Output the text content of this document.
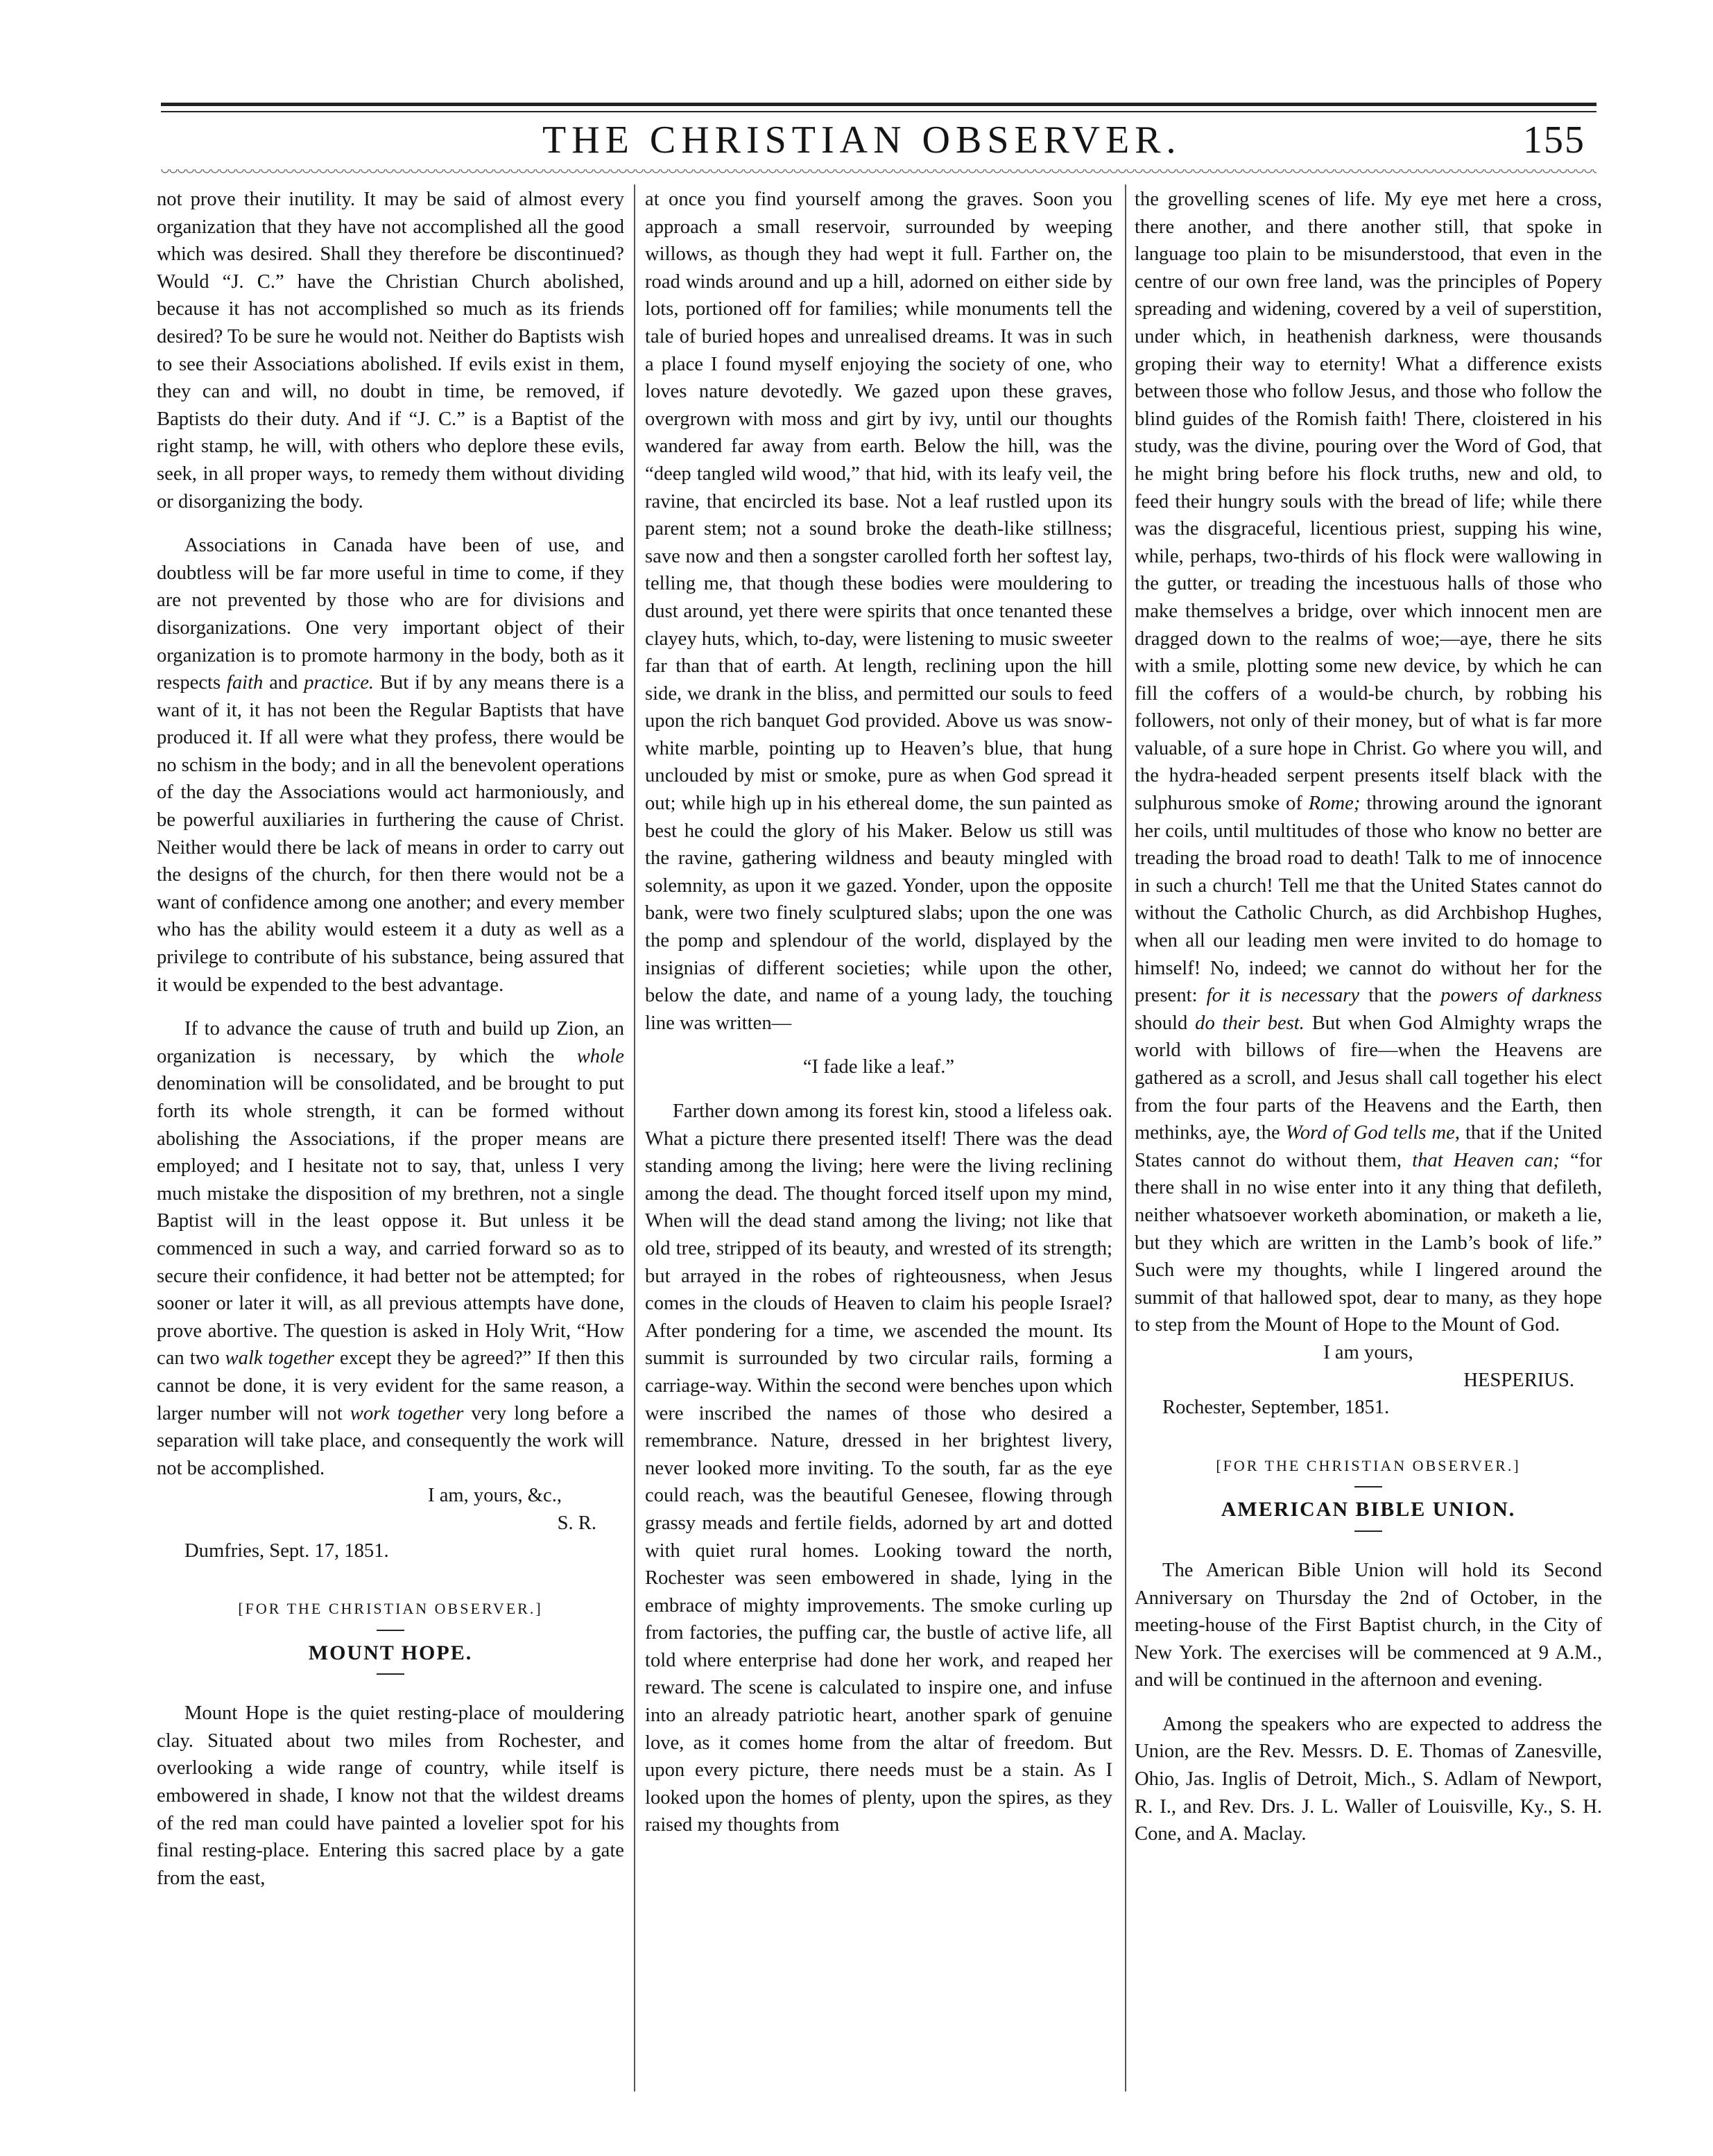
THE CHRISTIAN OBSERVER.	155

not prove their inutility. It may be said of almost every organization that they have not accomplished all the good which was desired. Shall they therefore be discontinued? Would “J. C.” have the Christian Church abolished, because it has not accomplished so much as its friends desired? To be sure he would not. Neither do Baptists wish to see their Associations abolished. If evils exist in them, they can and will, no doubt in time, be removed, if Baptists do their duty. And if “J. C.” is a Baptist of the right stamp, he will, with others who deplore these evils, seek, in all proper ways, to remedy them without dividing or disorganizing the body.

Associations in Canada have been of use, and doubtless will be far more useful in time to come, if they are not prevented by those who are for divisions and disorganizations. One very important object of their organization is to promote harmony in the body, both as it respects faith and practice. But if by any means there is a want of it, it has not been the Regular Baptists that have produced it. If all were what they profess, there would be no schism in the body; and in all the benevolent operations of the day the Associations would act harmoniously, and be powerful auxiliaries in furthering the cause of Christ. Neither would there be lack of means in order to carry out the designs of the church, for then there would not be a want of confidence among one another; and every member who has the ability would esteem it a duty as well as a privilege to contribute of his substance, being assured that it would be expended to the best advantage.

If to advance the cause of truth and build up Zion, an organization is necessary, by which the whole denomination will be consolidated, and be brought to put forth its whole strength, it can be formed without abolishing the Associations, if the proper means are employed; and I hesitate not to say, that, unless I very much mistake the disposition of my brethren, not a single Baptist will in the least oppose it. But unless it be commenced in such a way, and carried forward so as to secure their confidence, it had better not be attempted; for sooner or later it will, as all previous attempts have done, prove abortive. The question is asked in Holy Writ, “How can two walk together except they be agreed?” If then this cannot be done, it is very evident for the same reason, a larger number will not work together very long before a separation will take place, and consequently the work will not be accomplished.

I am, yours, &c.,

S. R.

Dumfries, Sept. 17, 1851.

[FOR THE CHRISTIAN OBSERVER.]

MOUNT HOPE.

Mount Hope is the quiet resting-place of mouldering clay. Situated about two miles from Rochester, and overlooking a wide range of country, while itself is embowered in shade, I know not that the wildest dreams of the red man could have painted a lovelier spot for his final resting-place. Entering this sacred place by a gate from the east,

at once you find yourself among the graves. Soon you approach a small reservoir, surrounded by weeping willows, as though they had wept it full. Farther on, the road winds around and up a hill, adorned on either side by lots, portioned off for families; while monuments tell the tale of buried hopes and unrealised dreams. It was in such a place I found myself enjoying the society of one, who loves nature devotedly. We gazed upon these graves, overgrown with moss and girt by ivy, until our thoughts wandered far away from earth. Below the hill, was the “deep tangled wild wood,” that hid, with its leafy veil, the ravine, that encircled its base. Not a leaf rustled upon its parent stem; not a sound broke the death-like stillness; save now and then a songster carolled forth her softest lay, telling me, that though these bodies were mouldering to dust around, yet there were spirits that once tenanted these clayey huts, which, to-day, were listening to music sweeter far than that of earth. At length, reclining upon the hill side, we drank in the bliss, and permitted our souls to feed upon the rich banquet God provided. Above us was snow-white marble, pointing up to Heaven’s blue, that hung unclouded by mist or smoke, pure as when God spread it out; while high up in his ethereal dome, the sun painted as best he could the glory of his Maker. Below us still was the ravine, gathering wildness and beauty mingled with solemnity, as upon it we gazed. Yonder, upon the opposite bank, were two finely sculptured slabs; upon the one was the pomp and splendour of the world, displayed by the insignias of different societies; while upon the other, below the date, and name of a young lady, the touching line was written—

“I fade like a leaf.”

Farther down among its forest kin, stood a lifeless oak. What a picture there presented itself! There was the dead standing among the living; here were the living reclining among the dead. The thought forced itself upon my mind, When will the dead stand among the living; not like that old tree, stripped of its beauty, and wrested of its strength; but arrayed in the robes of righteousness, when Jesus comes in the clouds of Heaven to claim his people Israel? After pondering for a time, we ascended the mount. Its summit is surrounded by two circular rails, forming a carriage-way. Within the second were benches upon which were inscribed the names of those who desired a remembrance. Nature, dressed in her brightest livery, never looked more inviting. To the south, far as the eye could reach, was the beautiful Genesee, flowing through grassy meads and fertile fields, adorned by art and dotted with quiet rural homes. Looking toward the north, Rochester was seen embowered in shade, lying in the embrace of mighty improvements. The smoke curling up from factories, the puffing car, the bustle of active life, all told where enterprise had done her work, and reaped her reward. The scene is calculated to inspire one, and infuse into an already patriotic heart, another spark of genuine love, as it comes home from the altar of freedom. But upon every picture, there needs must be a stain. As I looked upon the homes of plenty, upon the spires, as they raised my thoughts from

the grovelling scenes of life. My eye met here a cross, there another, and there another still, that spoke in language too plain to be misunderstood, that even in the centre of our own free land, was the principles of Popery spreading and widening, covered by a veil of superstition, under which, in heathenish darkness, were thousands groping their way to eternity! What a difference exists between those who follow Jesus, and those who follow the blind guides of the Romish faith! There, cloistered in his study, was the divine, pouring over the Word of God, that he might bring before his flock truths, new and old, to feed their hungry souls with the bread of life; while there was the disgraceful, licentious priest, supping his wine, while, perhaps, two-thirds of his flock were wallowing in the gutter, or treading the incestuous halls of those who make themselves a bridge, over which innocent men are dragged down to the realms of woe;—aye, there he sits with a smile, plotting some new device, by which he can fill the coffers of a would-be church, by robbing his followers, not only of their money, but of what is far more valuable, of a sure hope in Christ. Go where you will, and the hydra-headed serpent presents itself black with the sulphurous smoke of Rome; throwing around the ignorant her coils, until multitudes of those who know no better are treading the broad road to death! Talk to me of innocence in such a church! Tell me that the United States cannot do without the Catholic Church, as did Archbishop Hughes, when all our leading men were invited to do homage to himself! No, indeed; we cannot do without her for the present: for it is necessary that the powers of darkness should do their best. But when God Almighty wraps the world with billows of fire—when the Heavens are gathered as a scroll, and Jesus shall call together his elect from the four parts of the Heavens and the Earth, then methinks, aye, the Word of God tells me, that if the United States cannot do without them, that Heaven can; “for there shall in no wise enter into it any thing that defileth, neither whatsoever worketh abomination, or maketh a lie, but they which are written in the Lamb’s book of life.” Such were my thoughts, while I lingered around the summit of that hallowed spot, dear to many, as they hope to step from the Mount of Hope to the Mount of God.

I am yours,

HESPERIUS.

Rochester, September, 1851.

[FOR THE CHRISTIAN OBSERVER.]

AMERICAN BIBLE UNION.

The American Bible Union will hold its Second Anniversary on Thursday the 2nd of October, in the meeting-house of the First Baptist church, in the City of New York. The exercises will be commenced at 9 A.M., and will be continued in the afternoon and evening.

Among the speakers who are expected to address the Union, are the Rev. Messrs. D. E. Thomas of Zanesville, Ohio, Jas. Inglis of Detroit, Mich., S. Adlam of Newport, R. I., and Rev. Drs. J. L. Waller of Louisville, Ky., S. H. Cone, and A. Maclay.
